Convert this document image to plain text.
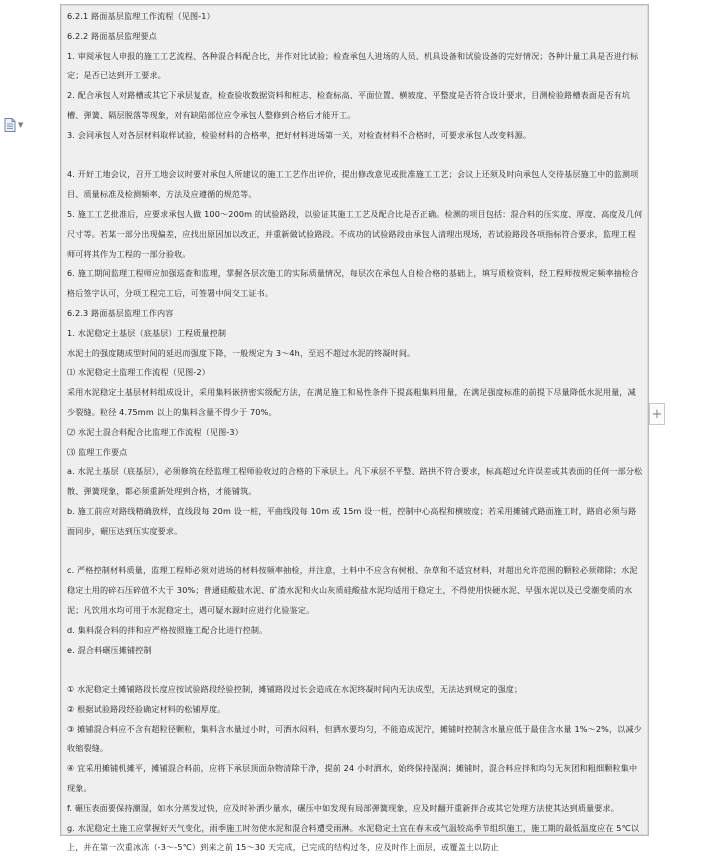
▼

6.2.1 路面基层监理工作流程（见图-1）

6.2.2 路面基层监理要点

1. 审阅承包人申报的施工工艺流程、各种混合料配合比，并作对比试验；检查承包人进场的人员、机具设备和试验设备的完好情况；各种计量工具是否进行标定；是否已达到开工要求。

2. 配合承包人对路槽或其它下承层复查，检查验收数据资料和桩志、检查标高、平面位置、横坡度、平整度是否符合设计要求，目测检验路槽表面是否有坑槽、弹簧、隔层脱落等现象，对有缺陷部位应令承包人整修到合格后才能开工。

3. 会同承包人对各层材料取样试验，检验材料的合格率，把好材料进场第一关，对检查材料不合格时，可要求承包人改变料源。

4. 开好工地会议，召开工地会议时要对承包人所建议的施工工艺作出评价，提出修改意见或批准施工工艺；会议上还须及时向承包人交待基层施工中的监测项目、质量标准及检测频率、方法及应遵循的规范等。

5. 施工工艺批准后，应要求承包人做 100～200m 的试验路段，以验证其施工工艺及配合比是否正确。检测的项目包括：混合料的压实度、厚度、高度及几何尺寸等。若某一部分出现偏差，应找出原因加以改正，并重新做试验路段。不成功的试验路段由承包人清理出现场，若试验路段各项指标符合要求，监理工程师可将其作为工程的一部分验收。

6. 施工期间监理工程师应加强巡查和监理，掌握各层次施工的实际质量情况，每层次在承包人自检合格的基础上，填写质检资料，经工程师按规定频率抽检合格后签字认可，分项工程完工后，可签署中间交工证书。

6.2.3 路面基层监理工作内容

1. 水泥稳定土基层（底基层）工程质量控制

水泥土的强度随成型时间的延迟而强度下降，一般规定为 3～4h，至迟不超过水泥的终凝时间。

⑴ 水泥稳定土监理工作流程（见图-2）

采用水泥稳定土基层材料组成设计，采用集料嵌挤密实级配方法，在满足施工和易性条件下提高粗集料用量，在满足强度标准的前提下尽量降低水泥用量，减少裂缝。粒径 4.75mm 以上的集料含量不得少于 70%。

⑵ 水泥土混合料配合比监理工作流程（见图-3）

⑶ 监理工作要点

a. 水泥土基层（底基层），必须修筑在经监理工程师验收过的合格的下承层上。凡下承层不平整、路拱不符合要求，标高超过允许误差或其表面的任何一部分松散、弹簧现象，都必须重新处理到合格，才能铺筑。

b. 施工前应对路线精确放样，直线段每 20m 设一桩，平曲线段每 10m 或 15m 设一桩，控制中心高程和横坡度；若采用摊铺式路面施工时，路肩必须与路面同步，碾压达到压实度要求。

c. 严格控制材料质量，监理工程师必须对进场的材料按频率抽检，并注意，土料中不应含有树根、杂草和不适宜材料，对超出允许范围的颗粒必须筛除；水泥稳定土用的碎石压碎值不大于 30%；普通硅酸盐水泥、矿渣水泥和火山灰质硅酸盐水泥均适用于稳定土，不得使用快硬水泥、早强水泥以及已受潮变质的水泥；凡饮用水均可用于水泥稳定土，遇可疑水源时应进行化验鉴定。

d. 集料混合料的拌和应严格按照施工配合比进行控制。

e. 混合料碾压摊铺控制

① 水泥稳定土摊铺路段长度应按试验路段经验控制，摊铺路段过长会造成在水泥终凝时间内无法成型，无法达到规定的强度；

② 根据试验路段经验确定材料的松铺厚度。

③ 摊铺混合料应不含有超粒径颗粒，集料含水量过小时，可洒水闷料，但洒水要均匀，不能造成泥泞，摊铺时控制含水量应低于最佳含水量 1%～2%，以减少收缩裂缝。

④ 宜采用摊铺机摊平，摊铺混合料前，应将下承层顶面杂物清除干净，提前 24 小时洒水，始终保持湿润；摊铺时，混合料应拌和均匀无灰团和粗细颗粒集中现象。

f. 碾压表面要保持潮湿，如水分蒸发过快，应及时补洒少量水，碾压中如发现有局部弹簧现象，应及时翻开重新拌合或其它处理方法使其达到质量要求。

g. 水泥稳定土施工应掌握好天气变化，雨季施工时勿使水泥和混合料遭受雨淋。水泥稳定土宜在春末或气温较高季节组织施工，施工期的最低温度应在 5℃以上，并在第一次重冰冻（-3～-5℃）到来之前 15～30 天完成，已完成的结构过冬，应及时作上面层，或覆盖土以防止

+
